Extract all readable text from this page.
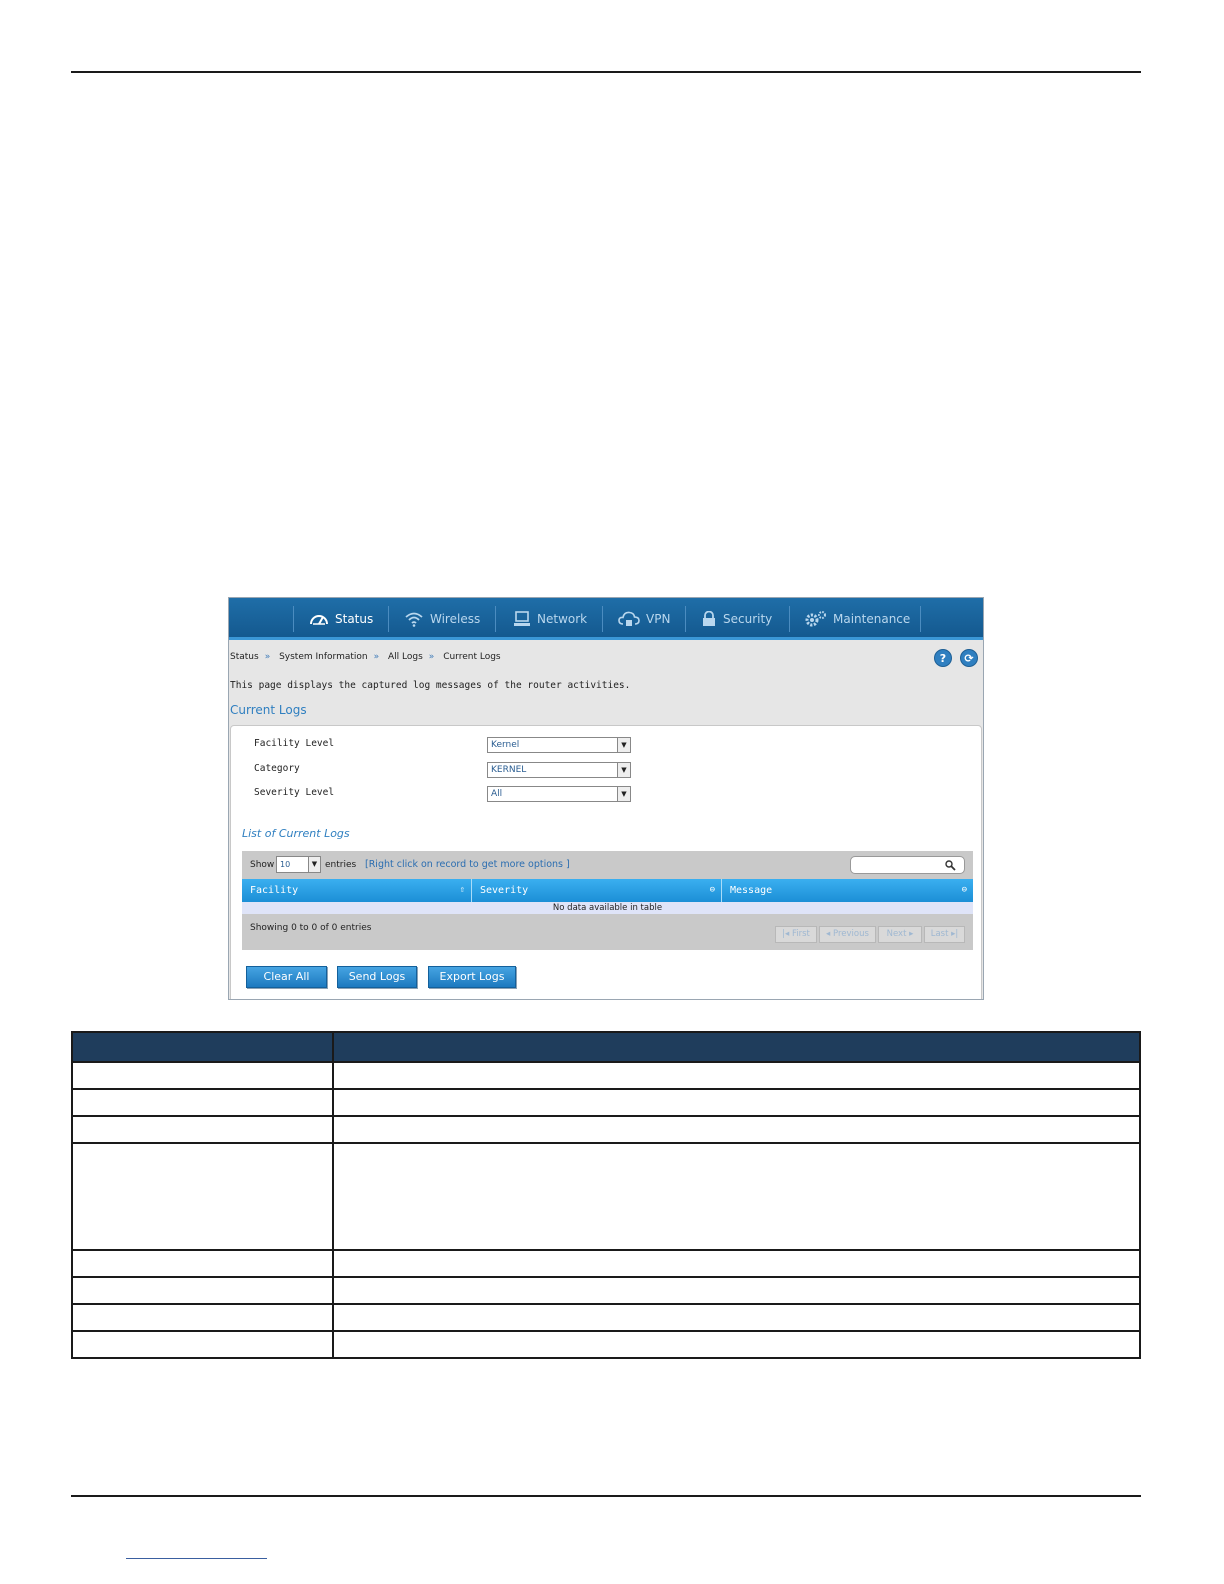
Status	Wireless	Network	VPN	Security	Maintenance
Status » System Information » All Logs » Current Logs	?	⟳
This page displays the captured log messages of the router activities.
Current Logs
Facility Level	Kernel	▼
Category	KERNEL	▼
Severity Level	All	▼
List of Current Logs
Show 10	▼ entries [Right click on record to get more options ]
Facility	⇧	Severity	⊖	Message	⊖
No data available in table
Showing 0 to 0 of 0 entries
|◂ First	◂ Previous	Next ▸	Last ▸|
Clear All	Send Logs	Export Logs
